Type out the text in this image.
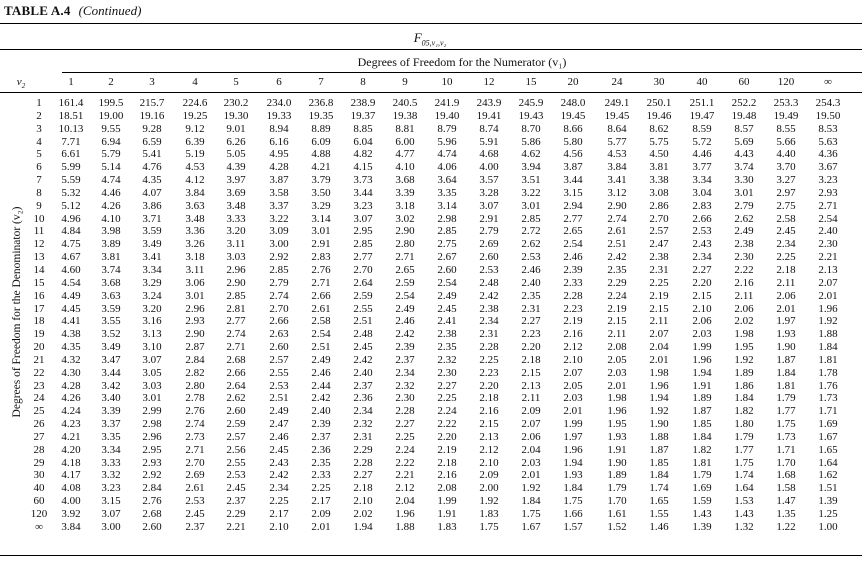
TABLE A.4 (Continued)
$F_{05,v_1,v_2}$
Degrees of Freedom for the Numerator (v₁)
$v_2$	1	2	3	4	5	6	7	8	9	10	12	15	20	24	30	40	60	120	∞
Degrees of Freedom for the Denominator (v₂)
1	161.4	199.5	215.7	224.6	230.2	234.0	236.8	238.9	240.5	241.9	243.9	245.9	248.0	249.1	250.1	251.1	252.2	253.3	254.3
2	18.51	19.00	19.16	19.25	19.30	19.33	19.35	19.37	19.38	19.40	19.41	19.43	19.45	19.45	19.46	19.47	19.48	19.49	19.50
3	10.13	9.55	9.28	9.12	9.01	8.94	8.89	8.85	8.81	8.79	8.74	8.70	8.66	8.64	8.62	8.59	8.57	8.55	8.53
4	7.71	6.94	6.59	6.39	6.26	6.16	6.09	6.04	6.00	5.96	5.91	5.86	5.80	5.77	5.75	5.72	5.69	5.66	5.63
5	6.61	5.79	5.41	5.19	5.05	4.95	4.88	4.82	4.77	4.74	4.68	4.62	4.56	4.53	4.50	4.46	4.43	4.40	4.36
6	5.99	5.14	4.76	4.53	4.39	4.28	4.21	4.15	4.10	4.06	4.00	3.94	3.87	3.84	3.81	3.77	3.74	3.70	3.67
7	5.59	4.74	4.35	4.12	3.97	3.87	3.79	3.73	3.68	3.64	3.57	3.51	3.44	3.41	3.38	3.34	3.30	3.27	3.23
8	5.32	4.46	4.07	3.84	3.69	3.58	3.50	3.44	3.39	3.35	3.28	3.22	3.15	3.12	3.08	3.04	3.01	2.97	2.93
9	5.12	4.26	3.86	3.63	3.48	3.37	3.29	3.23	3.18	3.14	3.07	3.01	2.94	2.90	2.86	2.83	2.79	2.75	2.71
10	4.96	4.10	3.71	3.48	3.33	3.22	3.14	3.07	3.02	2.98	2.91	2.85	2.77	2.74	2.70	2.66	2.62	2.58	2.54
11	4.84	3.98	3.59	3.36	3.20	3.09	3.01	2.95	2.90	2.85	2.79	2.72	2.65	2.61	2.57	2.53	2.49	2.45	2.40
12	4.75	3.89	3.49	3.26	3.11	3.00	2.91	2.85	2.80	2.75	2.69	2.62	2.54	2.51	2.47	2.43	2.38	2.34	2.30
13	4.67	3.81	3.41	3.18	3.03	2.92	2.83	2.77	2.71	2.67	2.60	2.53	2.46	2.42	2.38	2.34	2.30	2.25	2.21
14	4.60	3.74	3.34	3.11	2.96	2.85	2.76	2.70	2.65	2.60	2.53	2.46	2.39	2.35	2.31	2.27	2.22	2.18	2.13
15	4.54	3.68	3.29	3.06	2.90	2.79	2.71	2.64	2.59	2.54	2.48	2.40	2.33	2.29	2.25	2.20	2.16	2.11	2.07
16	4.49	3.63	3.24	3.01	2.85	2.74	2.66	2.59	2.54	2.49	2.42	2.35	2.28	2.24	2.19	2.15	2.11	2.06	2.01
17	4.45	3.59	3.20	2.96	2.81	2.70	2.61	2.55	2.49	2.45	2.38	2.31	2.23	2.19	2.15	2.10	2.06	2.01	1.96
18	4.41	3.55	3.16	2.93	2.77	2.66	2.58	2.51	2.46	2.41	2.34	2.27	2.19	2.15	2.11	2.06	2.02	1.97	1.92
19	4.38	3.52	3.13	2.90	2.74	2.63	2.54	2.48	2.42	2.38	2.31	2.23	2.16	2.11	2.07	2.03	1.98	1.93	1.88
20	4.35	3.49	3.10	2.87	2.71	2.60	2.51	2.45	2.39	2.35	2.28	2.20	2.12	2.08	2.04	1.99	1.95	1.90	1.84
21	4.32	3.47	3.07	2.84	2.68	2.57	2.49	2.42	2.37	2.32	2.25	2.18	2.10	2.05	2.01	1.96	1.92	1.87	1.81
22	4.30	3.44	3.05	2.82	2.66	2.55	2.46	2.40	2.34	2.30	2.23	2.15	2.07	2.03	1.98	1.94	1.89	1.84	1.78
23	4.28	3.42	3.03	2.80	2.64	2.53	2.44	2.37	2.32	2.27	2.20	2.13	2.05	2.01	1.96	1.91	1.86	1.81	1.76
24	4.26	3.40	3.01	2.78	2.62	2.51	2.42	2.36	2.30	2.25	2.18	2.11	2.03	1.98	1.94	1.89	1.84	1.79	1.73
25	4.24	3.39	2.99	2.76	2.60	2.49	2.40	2.34	2.28	2.24	2.16	2.09	2.01	1.96	1.92	1.87	1.82	1.77	1.71
26	4.23	3.37	2.98	2.74	2.59	2.47	2.39	2.32	2.27	2.22	2.15	2.07	1.99	1.95	1.90	1.85	1.80	1.75	1.69
27	4.21	3.35	2.96	2.73	2.57	2.46	2.37	2.31	2.25	2.20	2.13	2.06	1.97	1.93	1.88	1.84	1.79	1.73	1.67
28	4.20	3.34	2.95	2.71	2.56	2.45	2.36	2.29	2.24	2.19	2.12	2.04	1.96	1.91	1.87	1.82	1.77	1.71	1.65
29	4.18	3.33	2.93	2.70	2.55	2.43	2.35	2.28	2.22	2.18	2.10	2.03	1.94	1.90	1.85	1.81	1.75	1.70	1.64
30	4.17	3.32	2.92	2.69	2.53	2.42	2.33	2.27	2.21	2.16	2.09	2.01	1.93	1.89	1.84	1.79	1.74	1.68	1.62
40	4.08	3.23	2.84	2.61	2.45	2.34	2.25	2.18	2.12	2.08	2.00	1.92	1.84	1.79	1.74	1.69	1.64	1.58	1.51
60	4.00	3.15	2.76	2.53	2.37	2.25	2.17	2.10	2.04	1.99	1.92	1.84	1.75	1.70	1.65	1.59	1.53	1.47	1.39
120	3.92	3.07	2.68	2.45	2.29	2.17	2.09	2.02	1.96	1.91	1.83	1.75	1.66	1.61	1.55	1.43	1.43	1.35	1.25
∞	3.84	3.00	2.60	2.37	2.21	2.10	2.01	1.94	1.88	1.83	1.75	1.67	1.57	1.52	1.46	1.39	1.32	1.22	1.00
